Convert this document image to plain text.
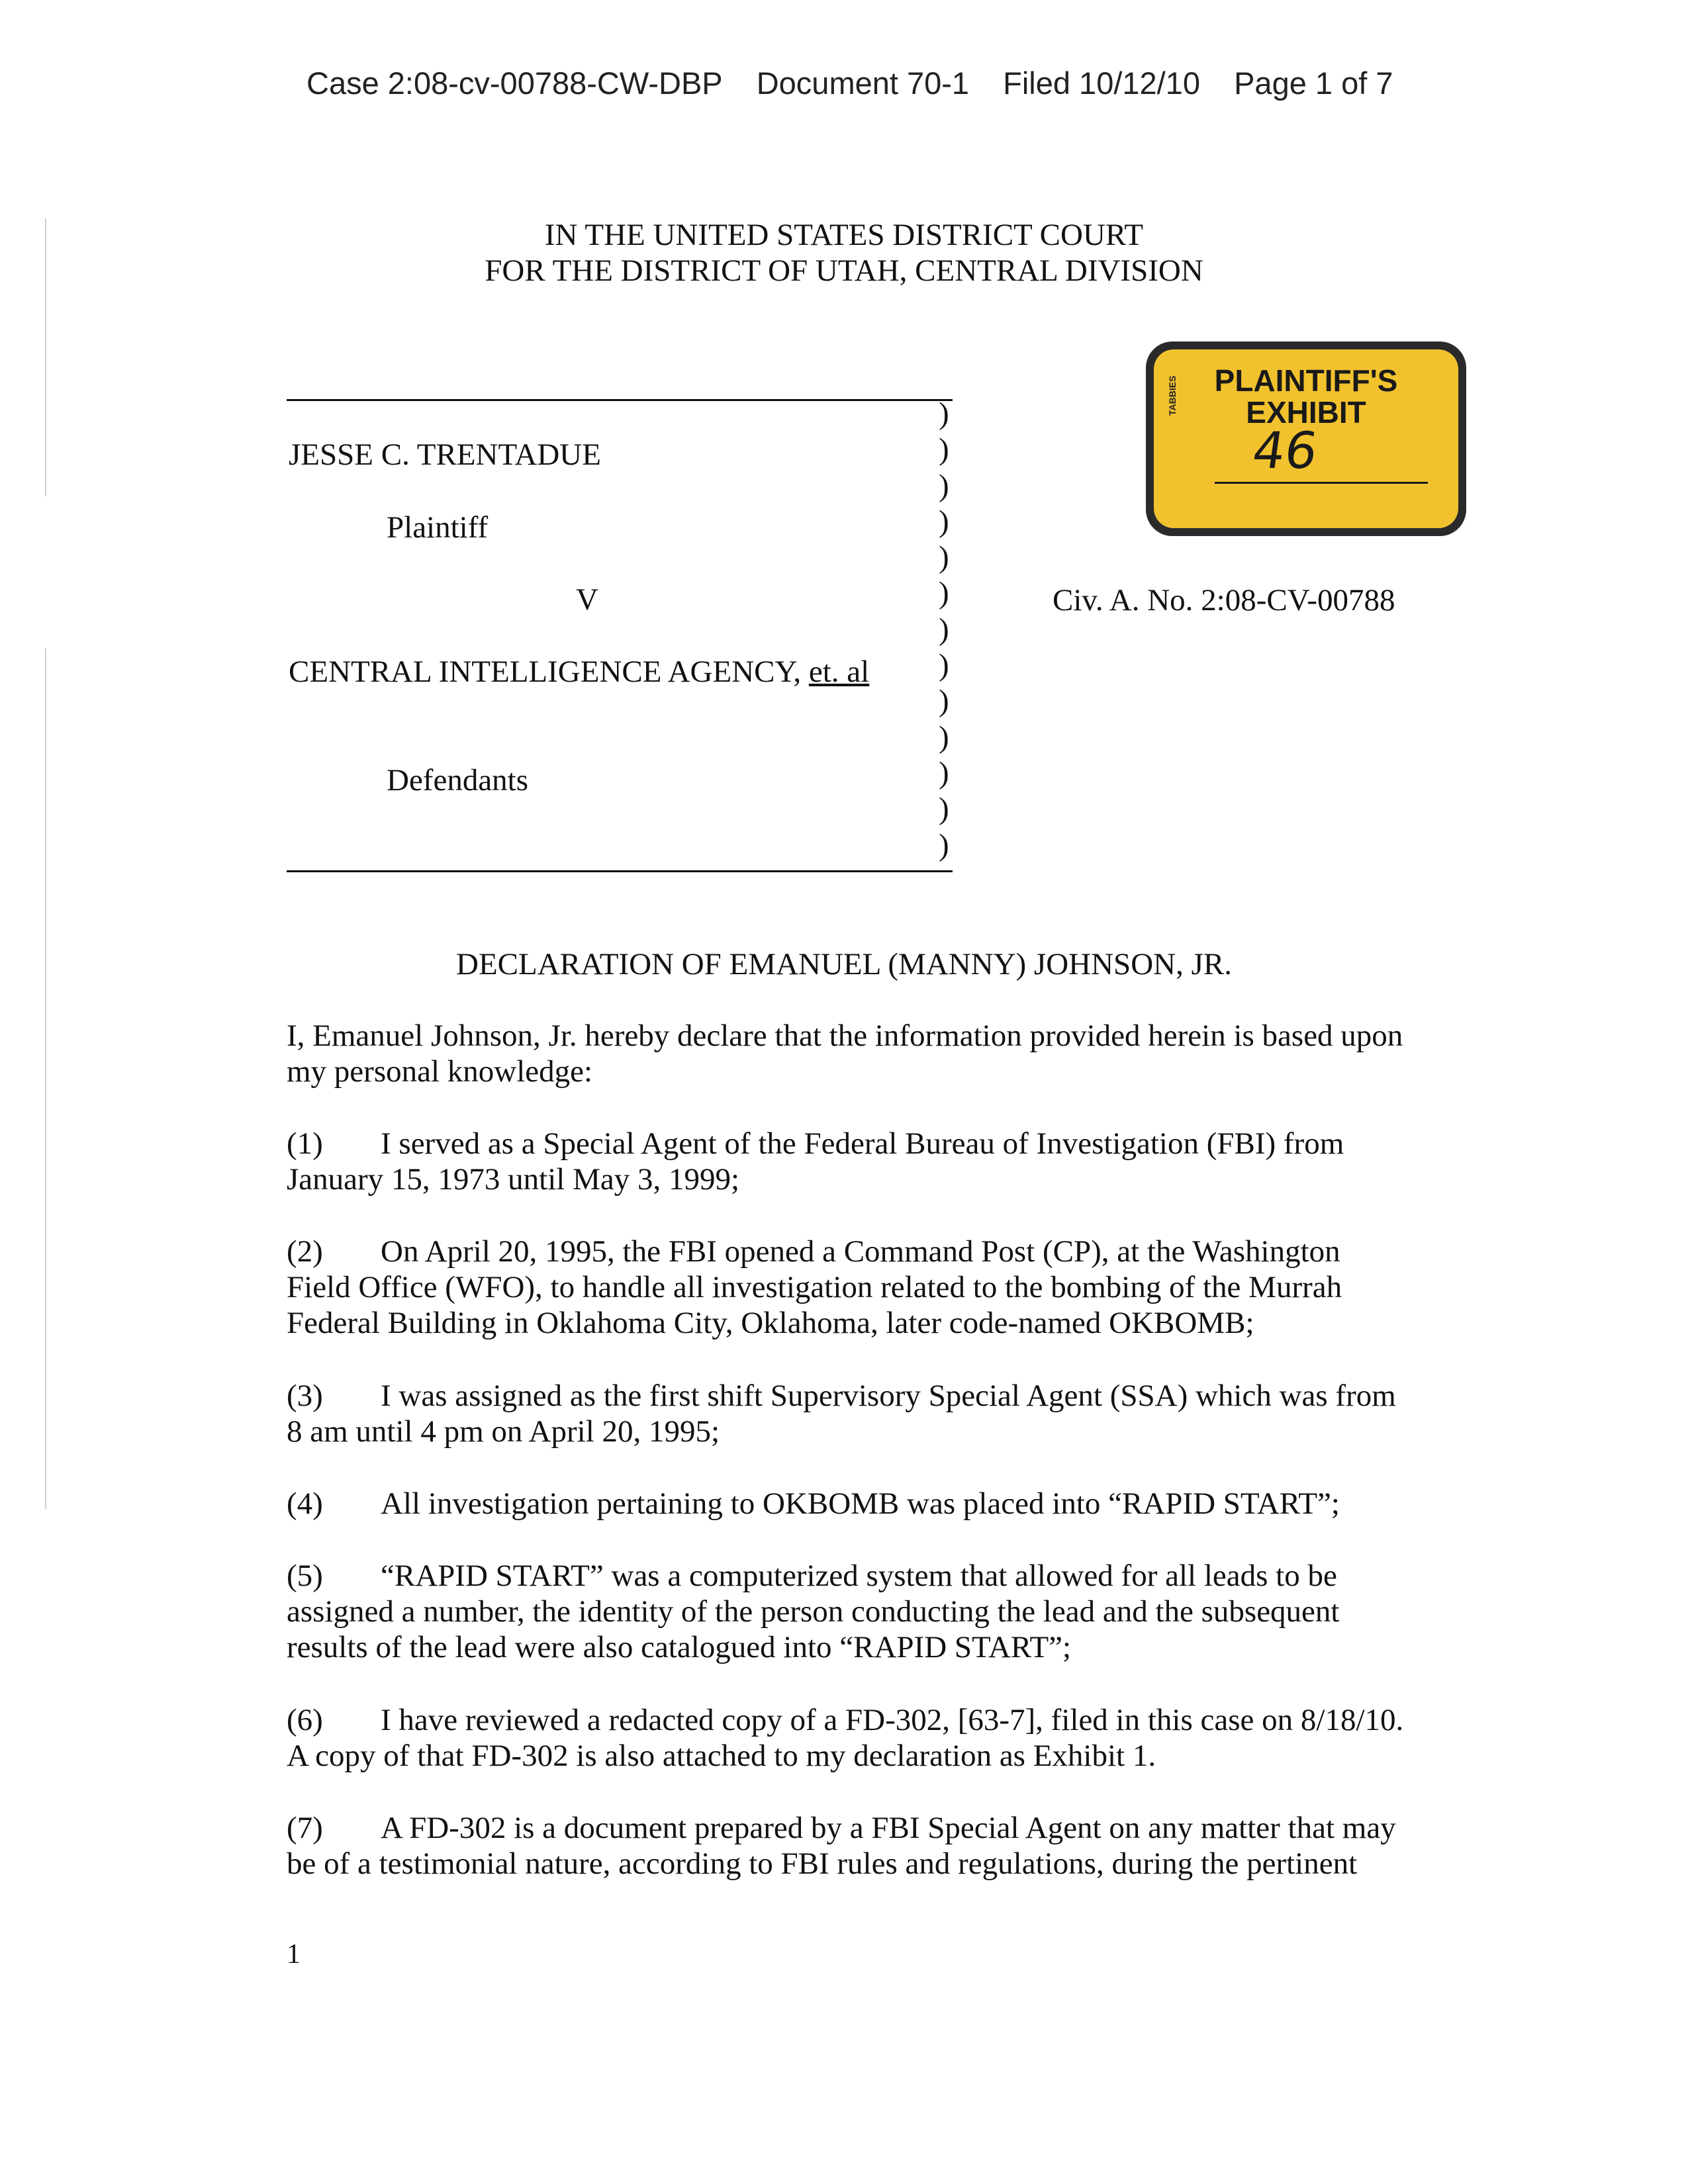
Case 2:08-cv-00788-CW-DBP Document 70-1 Filed 10/12/10 Page 1 of 7
IN THE UNITED STATES DISTRICT COURT
FOR THE DISTRICT OF UTAH, CENTRAL DIVISION
)
)
)
)
)
)
)
)
)
)
)
)
)
JESSE C. TRENTADUE
Plaintiff
V
CENTRAL INTELLIGENCE AGENCY, et. al
Defendants
Civ. A. No. 2:08-CV-00788
PLAINTIFF'S
EXHIBIT
TABBIES
46
DECLARATION OF EMANUEL (MANNY) JOHNSON, JR.
I, Emanuel Johnson, Jr. hereby declare that the information provided herein is based upon
my personal knowledge:
(1) I served as a Special Agent of the Federal Bureau of Investigation (FBI) from
January 15, 1973 until May 3, 1999;
(2) On April 20, 1995, the FBI opened a Command Post (CP), at the Washington
Field Office (WFO), to handle all investigation related to the bombing of the Murrah
Federal Building in Oklahoma City, Oklahoma, later code-named OKBOMB;
(3) I was assigned as the first shift Supervisory Special Agent (SSA) which was from
8 am until 4 pm on April 20, 1995;
(4) All investigation pertaining to OKBOMB was placed into “RAPID START”;
(5) “RAPID START” was a computerized system that allowed for all leads to be
assigned a number, the identity of the person conducting the lead and the subsequent
results of the lead were also catalogued into “RAPID START”;
(6) I have reviewed a redacted copy of a FD-302, [63-7], filed in this case on 8/18/10.
A copy of that FD-302 is also attached to my declaration as Exhibit 1.
(7) A FD-302 is a document prepared by a FBI Special Agent on any matter that may
be of a testimonial nature, according to FBI rules and regulations, during the pertinent
1
